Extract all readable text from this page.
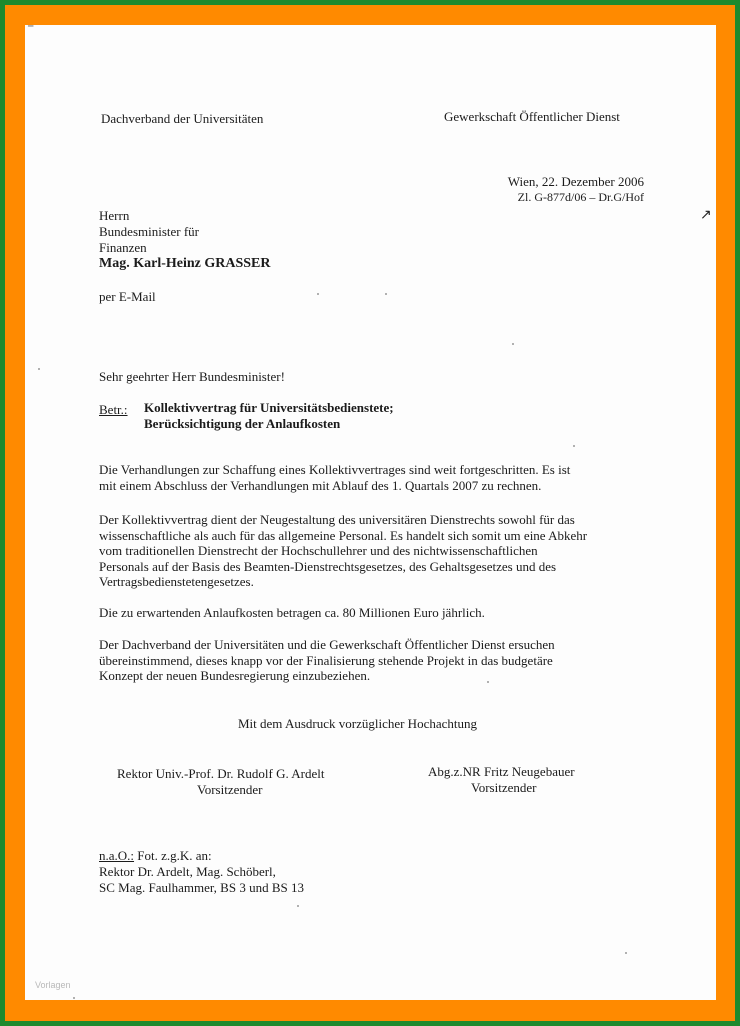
Dachverband der Universitäten	Gewerkschaft Öffentlicher Dienst
Wien, 22. Dezember 2006
Zl. G-877d/06 – Dr.G/Hof
Herrn
Bundesminister für
Finanzen
Mag. Karl-Heinz GRASSER
per E-Mail
Sehr geehrter Herr Bundesminister!
Betr.: Kollektivvertrag für Universitätsbedienstete;
Berücksichtigung der Anlaufkosten
Die Verhandlungen zur Schaffung eines Kollektivvertrages sind weit fortgeschritten. Es ist
mit einem Abschluss der Verhandlungen mit Ablauf des 1. Quartals 2007 zu rechnen.
Der Kollektivvertrag dient der Neugestaltung des universitären Dienstrechts sowohl für das
wissenschaftliche als auch für das allgemeine Personal. Es handelt sich somit um eine Abkehr
vom traditionellen Dienstrecht der Hochschullehrer und des nichtwissenschaftlichen
Personals auf der Basis des Beamten-Dienstrechtsgesetzes, des Gehaltsgesetzes und des
Vertragsbedienstetengesetzes.
Die zu erwartenden Anlaufkosten betragen ca. 80 Millionen Euro jährlich.
Der Dachverband der Universitäten und die Gewerkschaft Öffentlicher Dienst ersuchen
übereinstimmend, dieses knapp vor der Finalisierung stehende Projekt in das budgetäre
Konzept der neuen Bundesregierung einzubeziehen.
Mit dem Ausdruck vorzüglicher Hochachtung
Rektor Univ.-Prof. Dr. Rudolf G. Ardelt
Vorsitzender
Abg.z.NR Fritz Neugebauer
Vorsitzender
n.a.O.: Fot. z.g.K. an:
Rektor Dr. Ardelt, Mag. Schöberl,
SC Mag. Faulhammer, BS 3 und BS 13
Vorlagen
⁻
↗
